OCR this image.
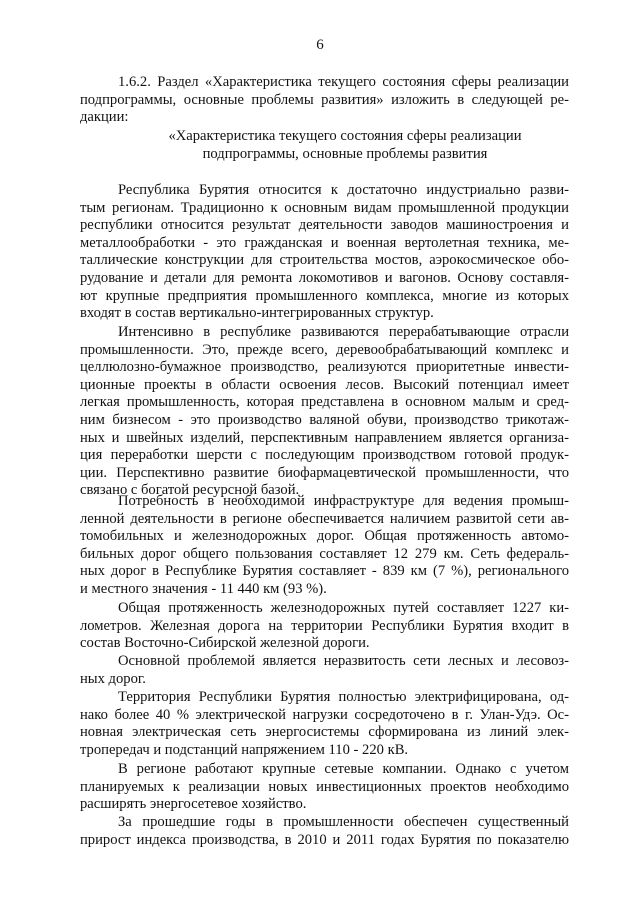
6
1.6.2. Раздел «Характеристика текущего состояния сферы реализации
подпрограммы, основные проблемы развития» изложить в следующей ре-
дакции:
«Характеристика текущего состояния сферы реализации
подпрограммы, основные проблемы развития
Республика Бурятия относится к достаточно индустриально разви-
тым регионам. Традиционно к основным видам промышленной продукции
республики относится результат деятельности заводов машиностроения и
металлообработки - это гражданская и военная вертолетная техника, ме-
таллические конструкции для строительства мостов, аэрокосмическое обо-
рудование и детали для ремонта локомотивов и вагонов. Основу составля-
ют крупные предприятия промышленного комплекса, многие из которых
входят в состав вертикально-интегрированных структур.
Интенсивно в республике развиваются перерабатывающие отрасли
промышленности. Это, прежде всего, деревообрабатывающий комплекс и
целлюлозно-бумажное производство, реализуются приоритетные инвести-
ционные проекты в области освоения лесов. Высокий потенциал имеет
легкая промышленность, которая представлена в основном малым и сред-
ним бизнесом - это производство валяной обуви, производство трикотаж-
ных и швейных изделий, перспективным направлением является организа-
ция переработки шерсти с последующим производством готовой продук-
ции. Перспективно развитие биофармацевтической промышленности, что
связано с богатой ресурсной базой.
Потребность в необходимой инфраструктуре для ведения промыш-
ленной деятельности в регионе обеспечивается наличием развитой сети ав-
томобильных и железнодорожных дорог. Общая протяженность автомо-
бильных дорог общего пользования составляет 12 279 км. Сеть федераль-
ных дорог в Республике Бурятия составляет - 839 км (7 %), регионального
и местного значения - 11 440 км (93 %).
Общая протяженность железнодорожных путей составляет 1227 ки-
лометров. Железная дорога на территории Республики Бурятия входит в
состав Восточно-Сибирской железной дороги.
Основной проблемой является неразвитость сети лесных и лесовоз-
ных дорог.
Территория Республики Бурятия полностью электрифицирована, од-
нако более 40 % электрической нагрузки сосредоточено в г. Улан-Удэ. Ос-
новная электрическая сеть энергосистемы сформирована из линий элек-
тропередач и подстанций напряжением 110 - 220 кВ.
В регионе работают крупные сетевые компании. Однако с учетом
планируемых к реализации новых инвестиционных проектов необходимо
расширять энергосетевое хозяйство.
За прошедшие годы в промышленности обеспечен существенный
прирост индекса производства, в 2010 и 2011 годах Бурятия по показателю
